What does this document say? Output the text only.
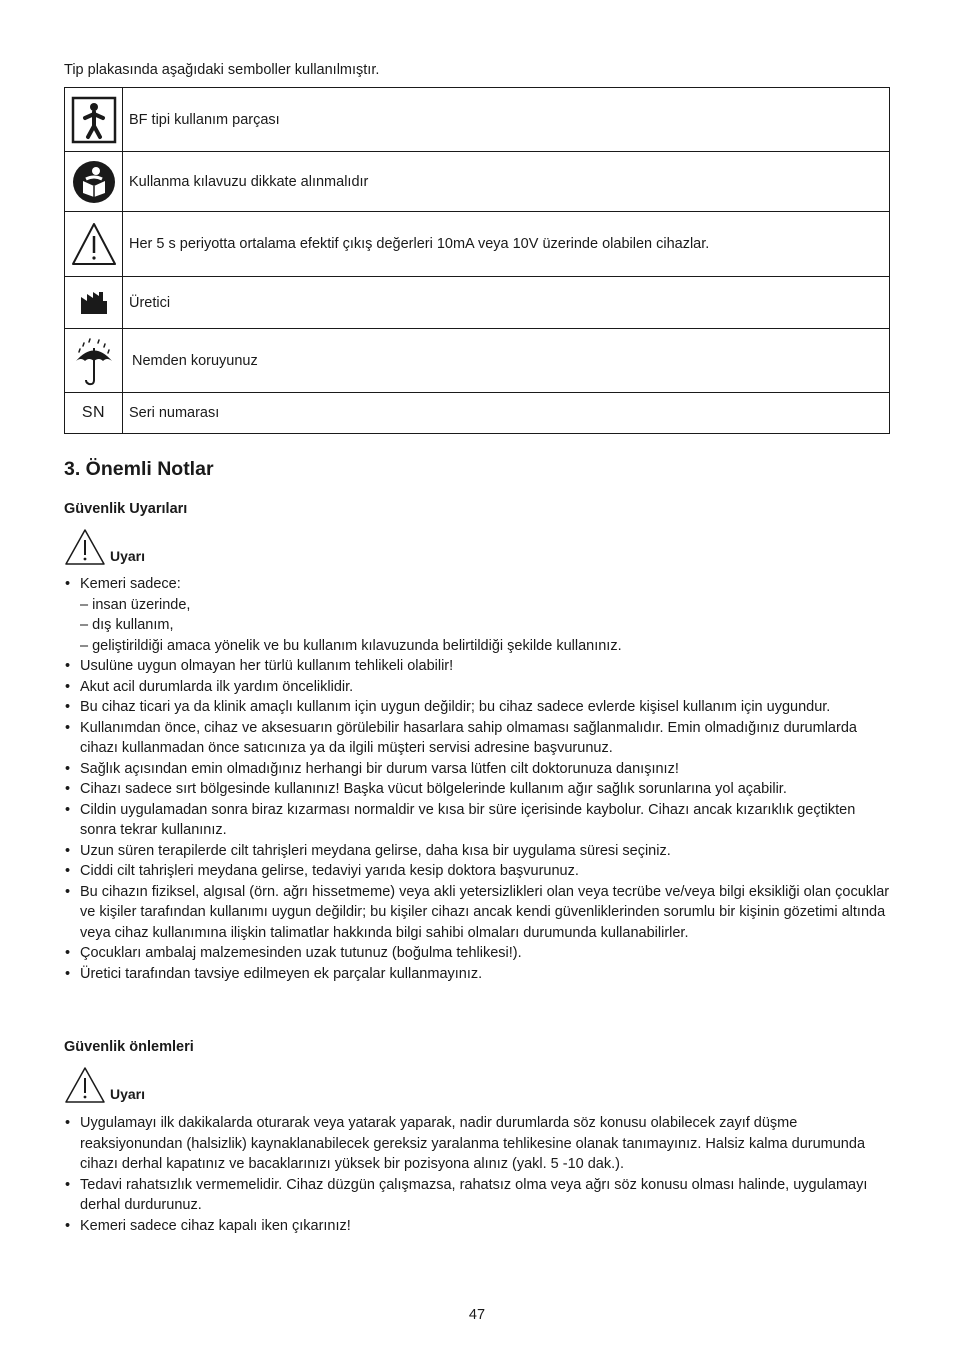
Tip plakasında aşağıdaki semboller kullanılmıştır.
	BF tipi kullanım parçası

	Kullanma kılavuzu dikkate alınmalıdır

	Her 5 s periyotta ortalama efektif çıkış değerleri 10mA veya 10V üzerinde olabilen cihazlar.

	Üretici

	Nemden koruyunuz
SN	Seri numarası
3. Önemli Notlar
Güvenlik Uyarıları
Uyarı
• Kemeri sadece:
– insan üzerinde,
– dış kullanım,
– geliştirildiği amaca yönelik ve bu kullanım kılavuzunda belirtildiği şekilde kullanınız.
• Usulüne uygun olmayan her türlü kullanım tehlikeli olabilir!
• Akut acil durumlarda ilk yardım önceliklidir.
• Bu cihaz ticari ya da klinik amaçlı kullanım için uygun değildir; bu cihaz sadece evlerde kişisel kullanım için uygundur.
• Kullanımdan önce, cihaz ve aksesuarın görülebilir hasarlara sahip olmaması sağlanmalıdır. Emin olmadığınız durumlarda cihazı kullanmadan önce satıcınıza ya da ilgili müşteri servisi adresine başvurunuz.
• Sağlık açısından emin olmadığınız herhangi bir durum varsa lütfen cilt doktorunuza danışınız!
• Cihazı sadece sırt bölgesinde kullanınız! Başka vücut bölgelerinde kullanım ağır sağlık sorunlarına yol açabilir.
• Cildin uygulamadan sonra biraz kızarması normaldir ve kısa bir süre içerisinde kaybolur. Cihazı ancak kızarıklık geçtikten sonra tekrar kullanınız.
• Uzun süren terapilerde cilt tahrişleri meydana gelirse, daha kısa bir uygulama süresi seçiniz.
• Ciddi cilt tahrişleri meydana gelirse, tedaviyi yarıda kesip doktora başvurunuz.
• Bu cihazın fiziksel, algısal (örn. ağrı hissetmeme) veya akli yetersizlikleri olan veya tecrübe ve/veya bilgi eksikliği olan çocuklar ve kişiler tarafından kullanımı uygun değildir; bu kişiler cihazı ancak kendi güvenliklerinden sorumlu bir kişinin gözetimi altında veya cihaz kullanımına ilişkin talimatlar hakkında bilgi sahibi olmaları durumunda kullanabilirler.
• Çocukları ambalaj malzemesinden uzak tutunuz (boğulma tehlikesi!).
• Üretici tarafından tavsiye edilmeyen ek parçalar kullanmayınız.
Güvenlik önlemleri
Uyarı
• Uygulamayı ilk dakikalarda oturarak veya yatarak yaparak, nadir durumlarda söz konusu olabilecek zayıf düşme reaksiyonundan (halsizlik) kaynaklanabilecek gereksiz yaralanma tehlikesine olanak tanımayınız. Halsiz kalma durumunda cihazı derhal kapatınız ve bacaklarınızı yüksek bir pozisyona alınız (yakl. 5 -10 dak.).
• Tedavi rahatsızlık vermemelidir. Cihaz düzgün çalışmazsa, rahatsız olma veya ağrı söz konusu olması halinde, uygulamayı derhal durdurunuz.
• Kemeri sadece cihaz kapalı iken çıkarınız!
47
